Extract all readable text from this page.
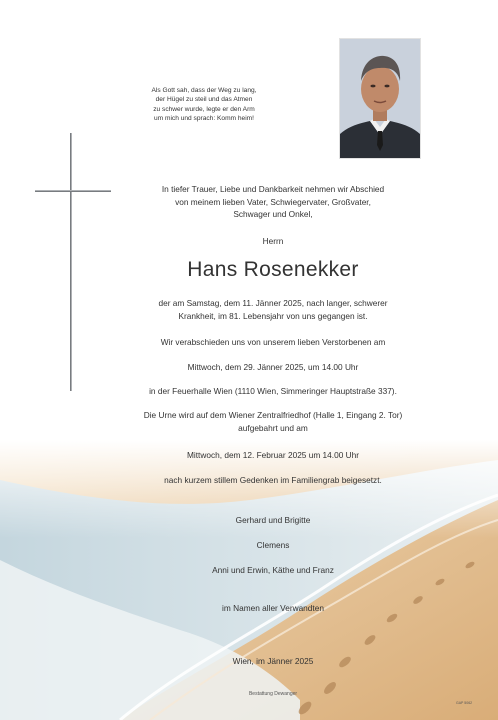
Als Gott sah, dass der Weg zu lang,
der Hügel zu steil und das Atmen
zu schwer wurde, legte er den Arm
um mich und sprach: Komm heim!
In tiefer Trauer, Liebe und Dankbarkeit nehmen wir Abschied
von meinem lieben Vater, Schwiegervater, Großvater,
Schwager und Onkel,
Herrn
Hans Rosenekker
der am Samstag, dem 11. Jänner 2025, nach langer, schwerer
Krankheit, im 81. Lebensjahr von uns gegangen ist.
Wir verabschieden uns von unserem lieben Verstorbenen am
Mittwoch, dem 29. Jänner 2025, um 14.00 Uhr
in der Feuerhalle Wien (1110 Wien, Simmeringer Hauptstraße 337).
Die Urne wird auf dem Wiener Zentralfriedhof (Halle 1, Eingang 2. Tor)
aufgebahrt und am
Mittwoch, dem 12. Februar 2025 um 14.00 Uhr
nach kurzem stillem Gedenken im Familiengrab beigesetzt.
Gerhard und Brigitte
Clemens
Anni und Erwin, Käthe und Franz
im Namen aller Verwandten
Wien, im Jänner 2025
Bestattung Dewanger
GAP 5062
